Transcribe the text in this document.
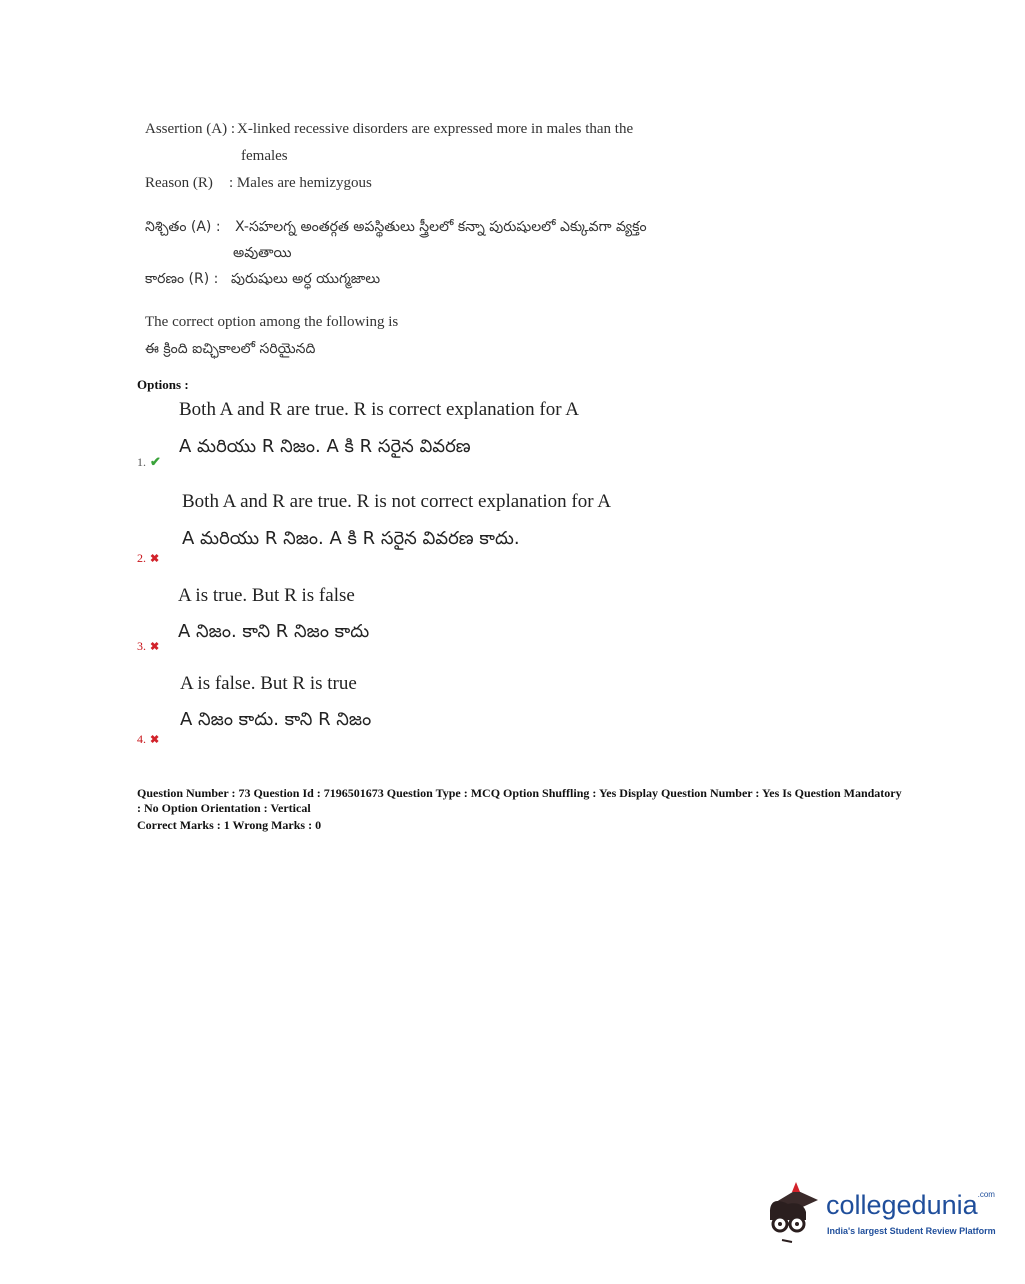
Assertion (A) : X-linked recessive disorders are expressed more in males than the
females
Reason (R) : Males are hemizygous
నిశ్చితం (A) : X-సహలగ్న అంతర్గత అపస్థితులు స్త్రీలలో కన్నా పురుషులలో ఎక్కువగా వ్యక్తం
అవుతాయి
కారణం (R) : పురుషులు అర్ధ యుగ్మజాలు
The correct option among the following is
ఈ క్రింది ఐచ్ఛికాలలో సరియైనది
Options :
Both A and R are true. R is correct explanation for A
A మరియు R నిజం. A కి R సరైన వివరణ
1. ✔
Both A and R are true. R is not correct explanation for A
A మరియు R నిజం. A కి R సరైన వివరణ కాదు.
2. ✖
A is true. But R is false
A నిజం. కాని R నిజం కాదు
3. ✖
A is false. But R is true
A నిజం కాదు. కాని R నిజం
4. ✖
Question Number : 73 Question Id : 7196501673 Question Type : MCQ Option Shuffling : Yes Display Question Number : Yes Is Question Mandatory : No Option Orientation : Vertical
Correct Marks : 1 Wrong Marks : 0
collegedunia$^{.com}$
India's largest Student Review Platform
